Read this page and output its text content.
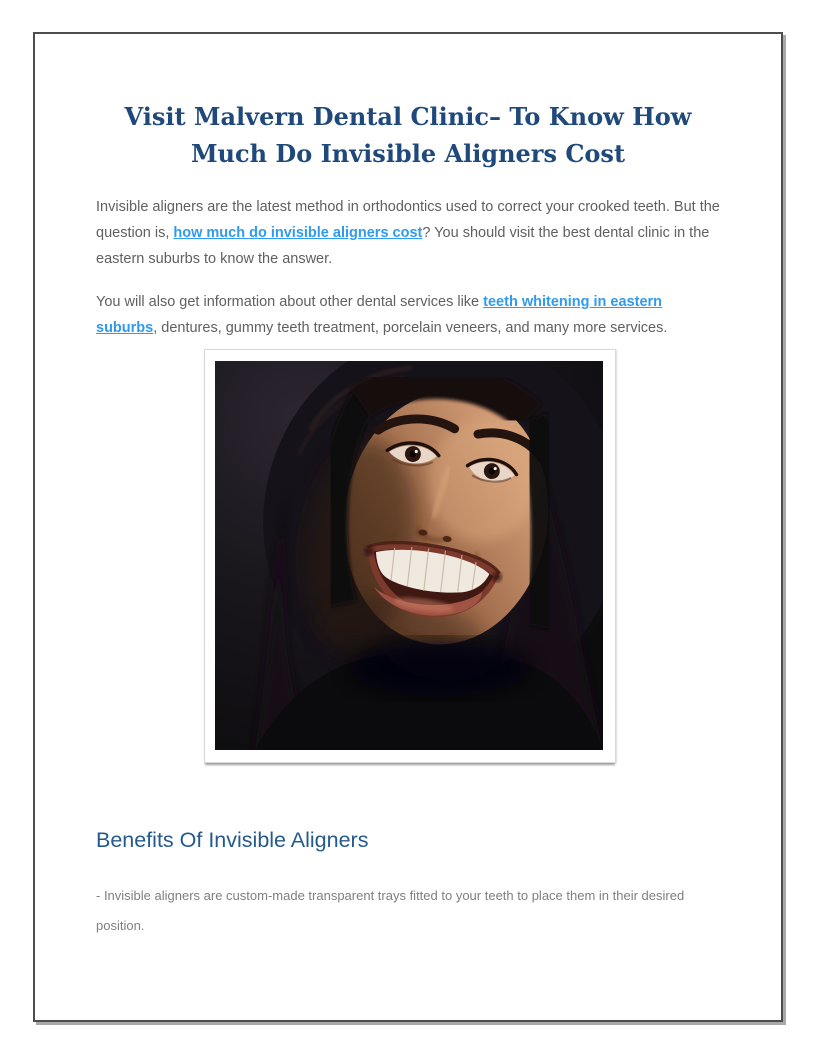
Visit Malvern Dental Clinic– To Know How Much Do Invisible Aligners Cost

Invisible aligners are the latest method in orthodontics used to correct your crooked teeth. But the question is, how much do invisible aligners cost? You should visit the best dental clinic in the eastern suburbs to know the answer.

You will also get information about other dental services like teeth whitening in eastern suburbs, dentures, gummy teeth treatment, porcelain veneers, and many more services.

Benefits Of Invisible Aligners

- Invisible aligners are custom-made transparent trays fitted to your teeth to place them in their desired position.
